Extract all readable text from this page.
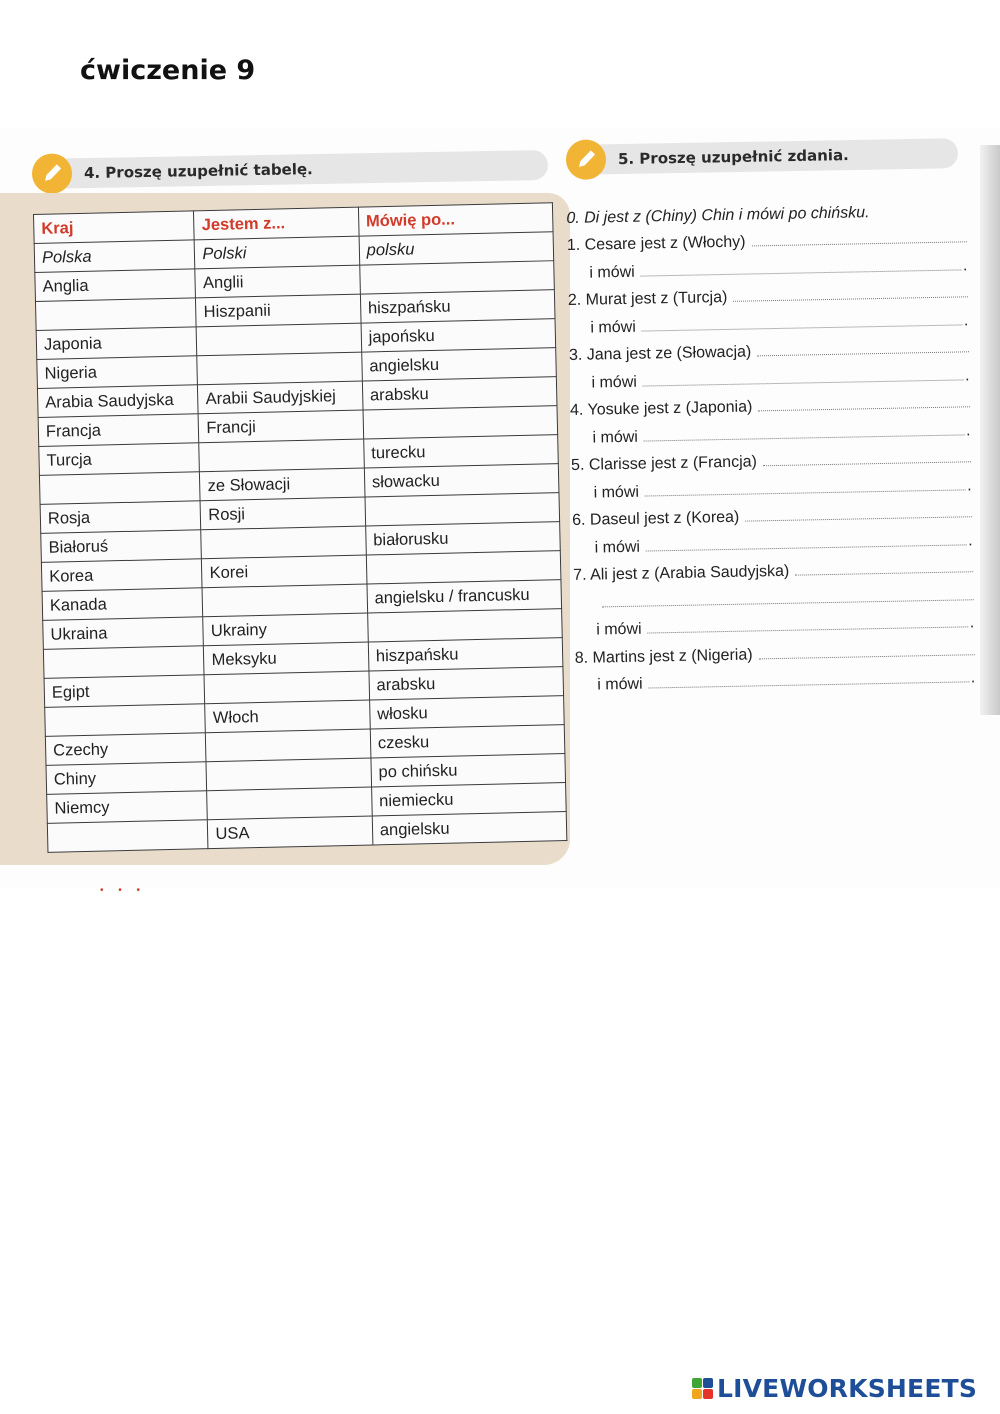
ćwiczenie 9
4. Proszę uzupełnić tabelę.
5. Proszę uzupełnić zdania.
Kraj	Jestem z...	Mówię po...
Polska	Polski	polsku
Anglia	Anglii	
	Hiszpanii	hiszpańsku
Japonia		japońsku
Nigeria		angielsku
Arabia Saudyjska	Arabii Saudyjskiej	arabsku
Francja	Francji	
Turcja		turecku
	ze Słowacji	słowacku
Rosja	Rosji	
Białoruś		białorusku
Korea	Korei	
Kanada		angielsku / francusku
Ukraina	Ukrainy	
	Meksyku	hiszpańsku
Egipt		arabsku
	Włoch	włosku
Czechy		czesku
Chiny		po chińsku
Niemcy		niemiecku
	USA	angielsku
0. Di jest z (Chiny) Chin i mówi po chińsku.
1. Cesare jest z (Włochy)
i mówi	.
2. Murat jest z (Turcja)
i mówi	.
3. Jana jest ze (Słowacja)
i mówi	.
4. Yosuke jest z (Japonia)
i mówi	.
5. Clarisse jest z (Francja)
i mówi	.
6. Daseul jest z (Korea)
i mówi	.
7. Ali jest z (Arabia Saudyjska)
i mówi	.
8. Martins jest z (Nigeria)
i mówi	.
• • •
LIVEWORKSHEETS
